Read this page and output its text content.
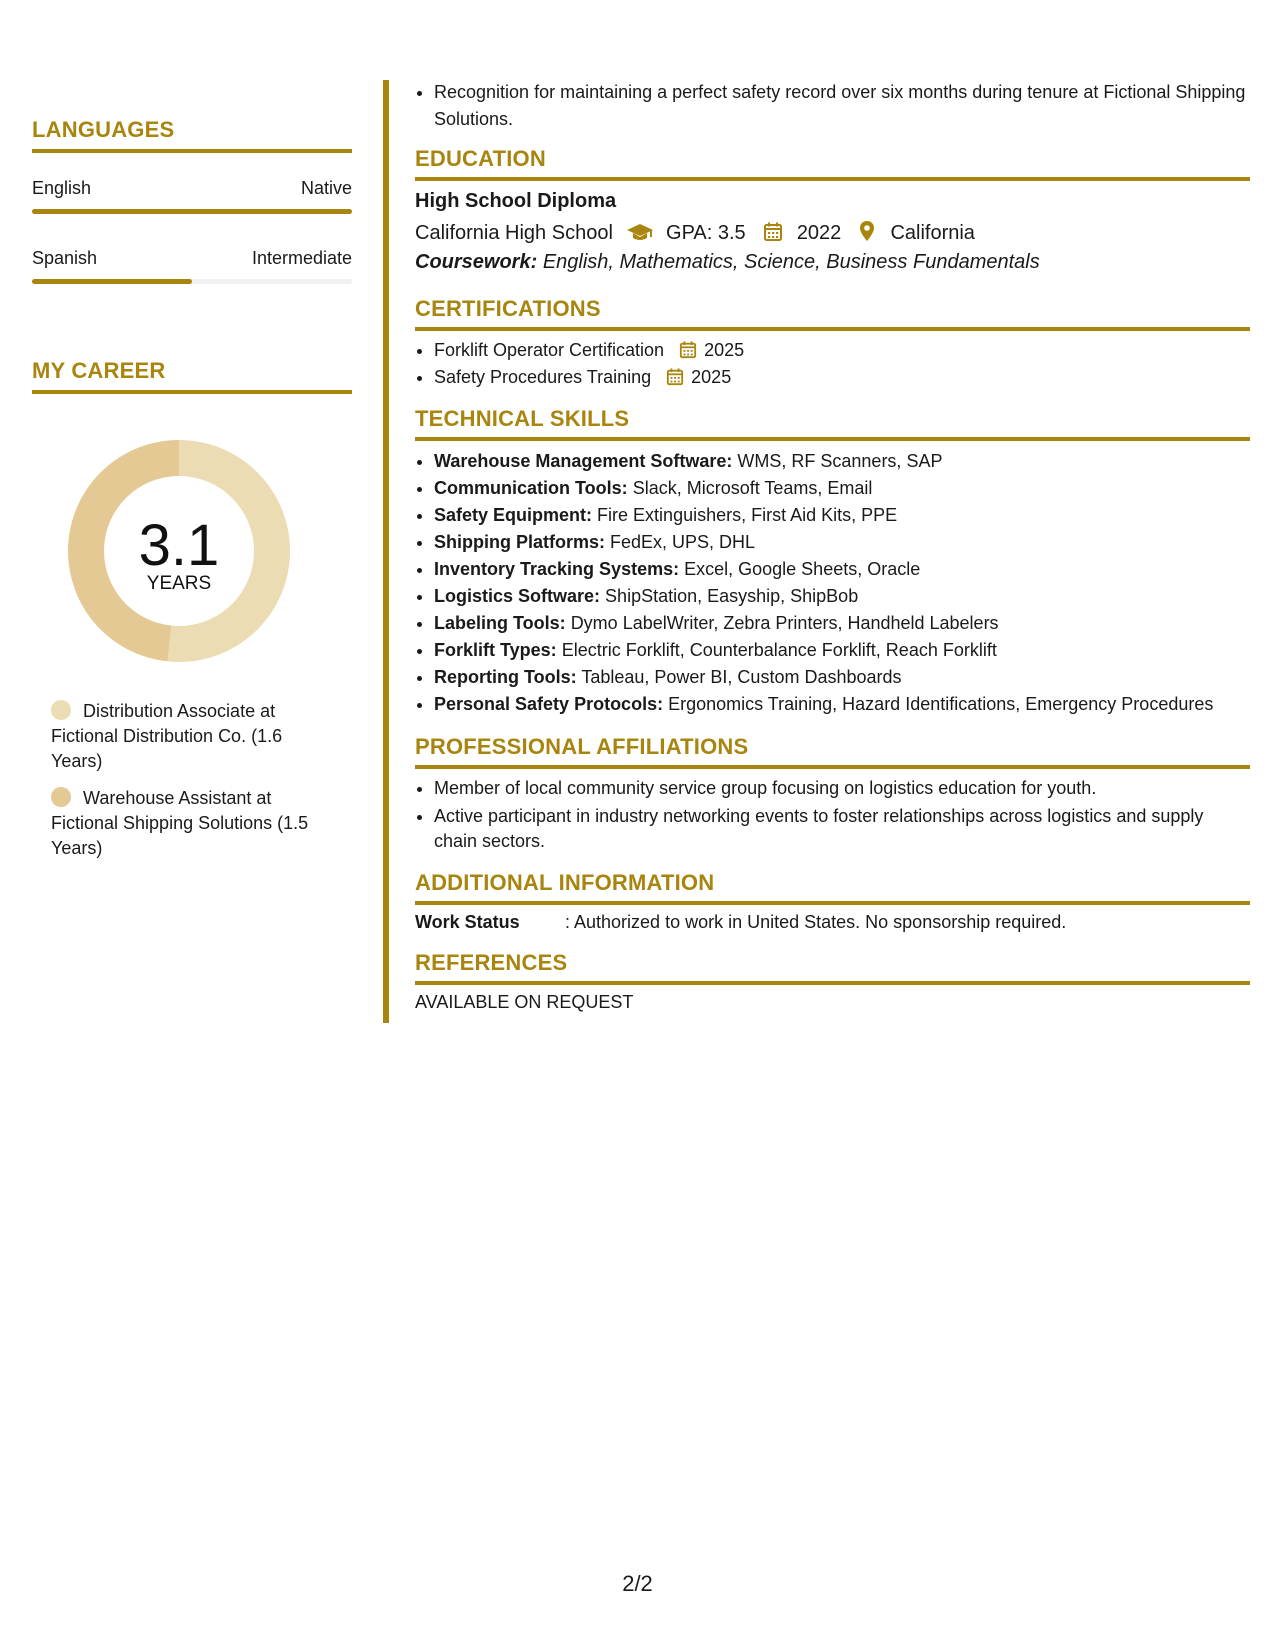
LANGUAGES
English	Native
Spanish	Intermediate
MY CAREER
3.1
YEARS
Distribution Associate at Fictional Distribution Co. (1.6 Years)
Warehouse Assistant at Fictional Shipping Solutions (1.5 Years)
• Recognition for maintaining a perfect safety record over six months during tenure at Fictional Shipping Solutions.
EDUCATION
High School Diploma
California High School	GPA: 3.5	2022 California
Coursework: English, Mathematics, Science, Business Fundamentals
CERTIFICATIONS
• Forklift Operator Certification 2025
• Safety Procedures Training 2025
TECHNICAL SKILLS
• Warehouse Management Software: WMS, RF Scanners, SAP
• Communication Tools: Slack, Microsoft Teams, Email
• Safety Equipment: Fire Extinguishers, First Aid Kits, PPE
• Shipping Platforms: FedEx, UPS, DHL
• Inventory Tracking Systems: Excel, Google Sheets, Oracle
• Logistics Software: ShipStation, Easyship, ShipBob
• Labeling Tools: Dymo LabelWriter, Zebra Printers, Handheld Labelers
• Forklift Types: Electric Forklift, Counterbalance Forklift, Reach Forklift
• Reporting Tools: Tableau, Power BI, Custom Dashboards
• Personal Safety Protocols: Ergonomics Training, Hazard Identifications, Emergency Procedures
PROFESSIONAL AFFILIATIONS
• Member of local community service group focusing on logistics education for youth.
• Active participant in industry networking events to foster relationships across logistics and supply chain sectors.
ADDITIONAL INFORMATION
Work Status	: Authorized to work in United States. No sponsorship required.
REFERENCES
AVAILABLE ON REQUEST
2/2
